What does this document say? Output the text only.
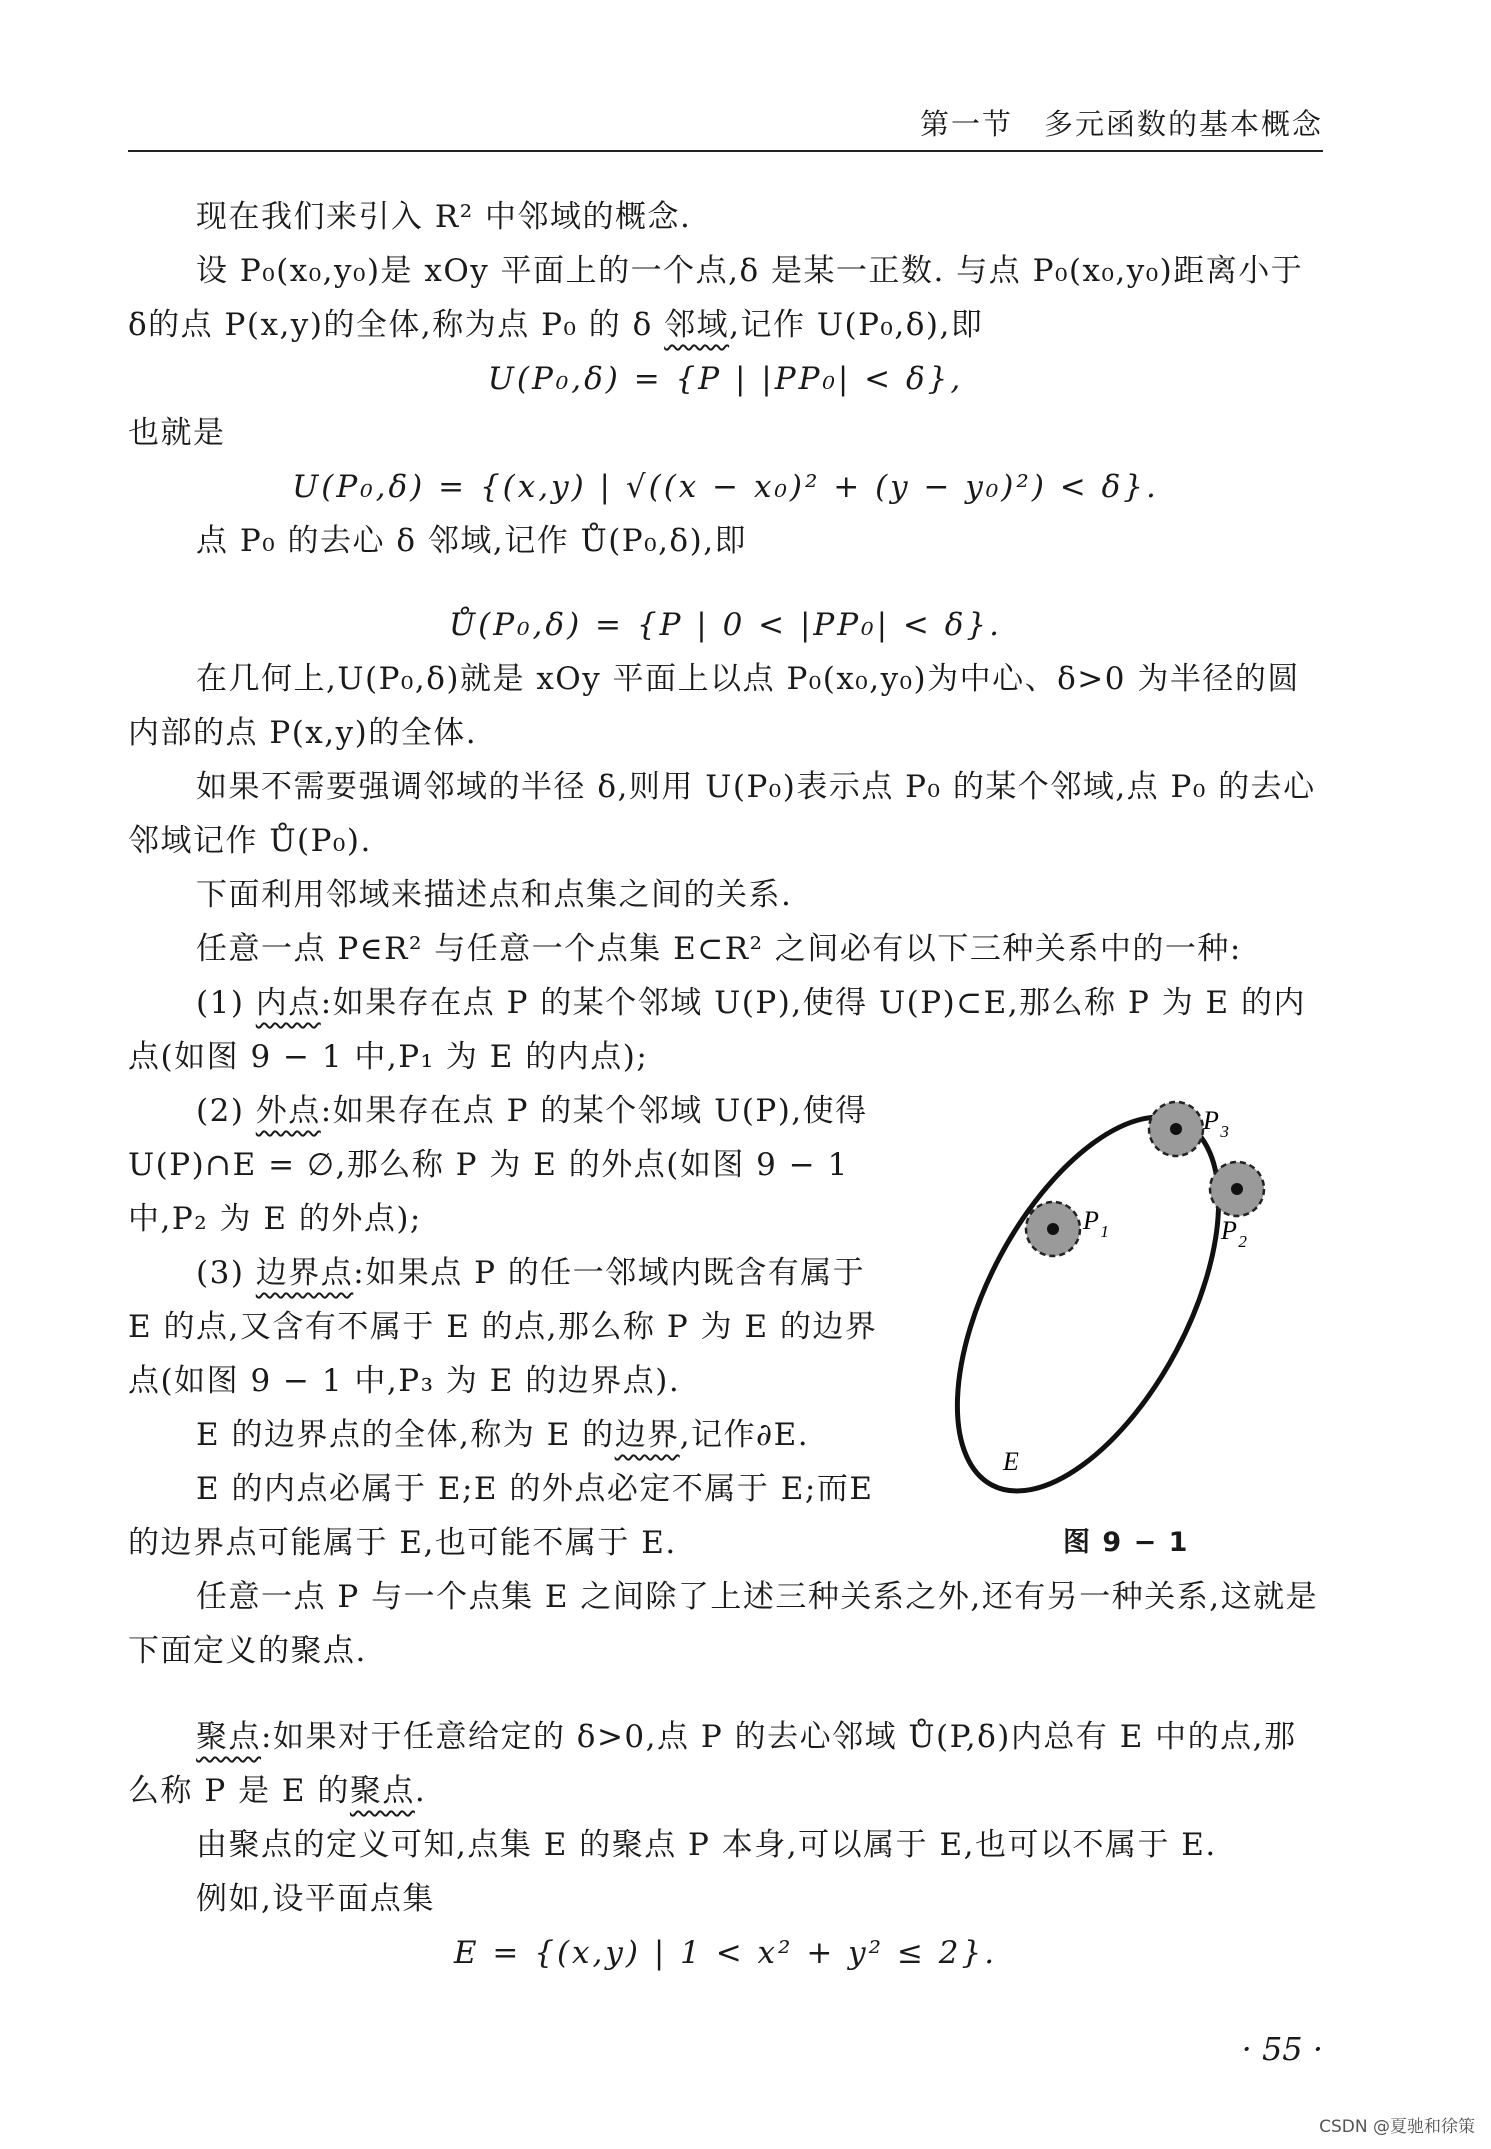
第一节　多元函数的基本概念

现在我们来引入 R² 中邻域的概念.

设 P₀(x₀,y₀)是 xOy 平面上的一个点,δ 是某一正数. 与点 P₀(x₀,y₀)距离小于δ的点 P(x,y)的全体,称为点 P₀ 的 δ 邻域,记作 U(P₀,δ),即

U(P₀,δ) = {P | |PP₀| < δ},

也就是

U(P₀,δ) = {(x,y) | √((x − x₀)² + (y − y₀)²) < δ}.

点 P₀ 的去心 δ 邻域,记作 Ů(P₀,δ),即

Ů(P₀,δ) = {P | 0 < |PP₀| < δ}.

在几何上,U(P₀,δ)就是 xOy 平面上以点 P₀(x₀,y₀)为中心、δ>0 为半径的圆内部的点 P(x,y)的全体.

如果不需要强调邻域的半径 δ,则用 U(P₀)表示点 P₀ 的某个邻域,点 P₀ 的去心邻域记作 Ů(P₀).

下面利用邻域来描述点和点集之间的关系.

任意一点 P∈R² 与任意一个点集 E⊂R² 之间必有以下三种关系中的一种:

(1) 内点:如果存在点 P 的某个邻域 U(P),使得 U(P)⊂E,那么称 P 为 E 的内点(如图 9 − 1 中,P₁ 为 E 的内点);

(2) 外点:如果存在点 P 的某个邻域 U(P),使得 U(P)∩E = ∅,那么称 P 为 E 的外点(如图 9 − 1 中,P₂ 为 E 的外点);

(3) 边界点:如果点 P 的任一邻域内既含有属于E 的点,又含有不属于 E 的点,那么称 P 为 E 的边界点(如图 9 − 1 中,P₃ 为 E 的边界点).

E 的边界点的全体,称为 E 的边界,记作∂E.

E 的内点必属于 E;E 的外点必定不属于 E;而E 的边界点可能属于 E,也可能不属于 E.

$P_1$	$P_2$
$P_3$
E
图 9 − 1

任意一点 P 与一个点集 E 之间除了上述三种关系之外,还有另一种关系,这就是下面定义的聚点.

聚点:如果对于任意给定的 δ>0,点 P 的去心邻域 Ů(P,δ)内总有 E 中的点,那么称 P 是 E 的聚点.

由聚点的定义可知,点集 E 的聚点 P 本身,可以属于 E,也可以不属于 E.

例如,设平面点集

E = {(x,y) | 1 < x² + y² ≤ 2}.

· 55 ·
CSDN @夏驰和徐策
